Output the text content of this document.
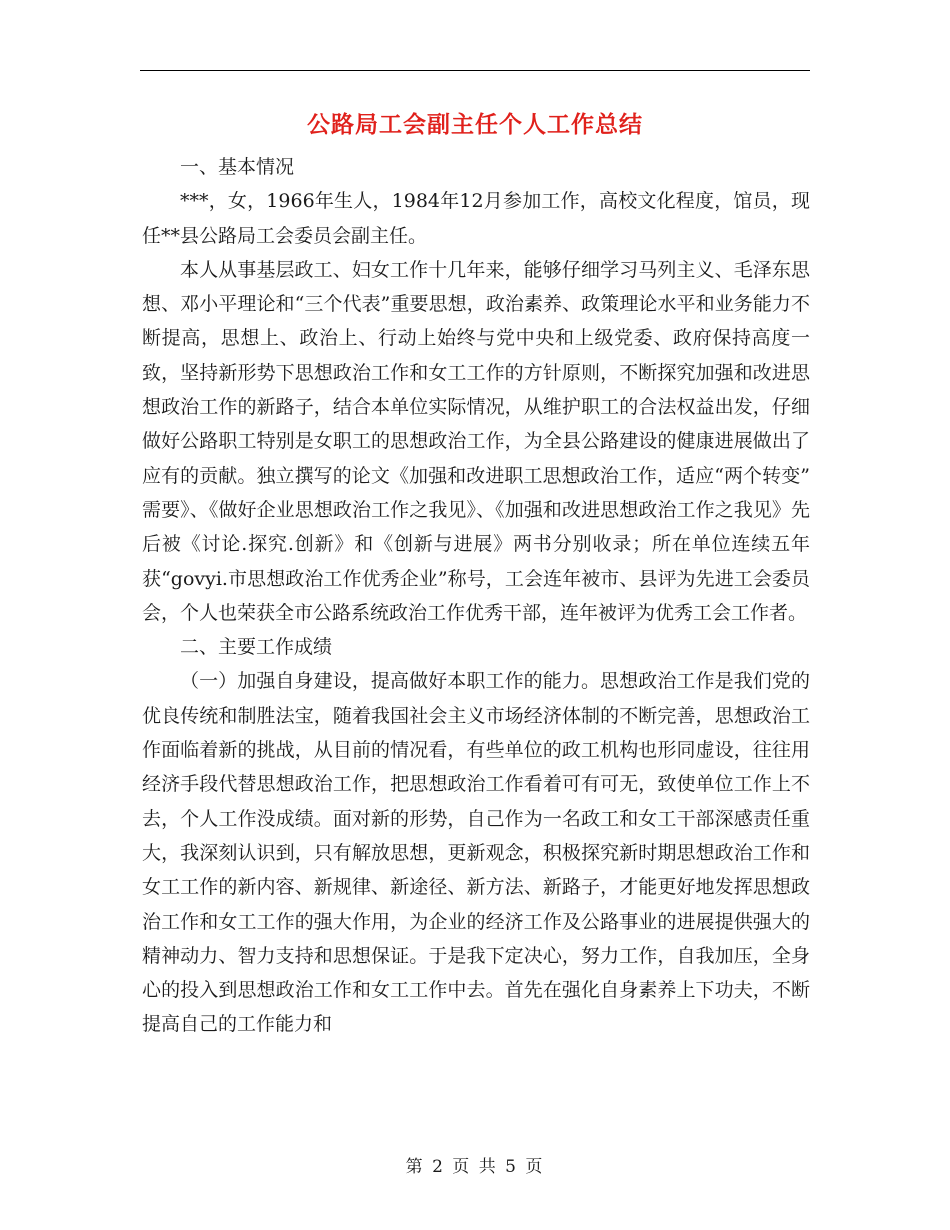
公路局工会副主任个人工作总结

一、基本情况

***，女，1966年生人，1984年12月参加工作，高校文化程度，馆员，现任**县公路局工会委员会副主任。

本人从事基层政工、妇女工作十几年来，能够仔细学习马列主义、毛泽东思想、邓小平理论和“三个代表”重要思想，政治素养、政策理论水平和业务能力不断提高，思想上、政治上、行动上始终与党中央和上级党委、政府保持高度一致，坚持新形势下思想政治工作和女工工作的方针原则，不断探究加强和改进思想政治工作的新路子，结合本单位实际情况，从维护职工的合法权益出发，仔细做好公路职工特别是女职工的思想政治工作，为全县公路建设的健康进展做出了应有的贡献。独立撰写的论文《加强和改进职工思想政治工作，适应“两个转变” 需要》、《做好企业思想政治工作之我见》、《加强和改进思想政治工作之我见》先后被《讨论.探究.创新》和《创新与进展》两书分别收录；所在单位连续五年获“govyi.市思想政治工作优秀企业”称号，工会连年被市、县评为先进工会委员会，个人也荣获全市公路系统政治工作优秀干部，连年被评为优秀工会工作者。

二、主要工作成绩

（一）加强自身建设，提高做好本职工作的能力。思想政治工作是我们党的优良传统和制胜法宝，随着我国社会主义市场经济体制的不断完善，思想政治工作面临着新的挑战，从目前的情况看，有些单位的政工机构也形同虚设，往往用经济手段代替思想政治工作，把思想政治工作看着可有可无，致使单位工作上不去，个人工作没成绩。面对新的形势，自己作为一名政工和女工干部深感责任重大，我深刻认识到，只有解放思想，更新观念，积极探究新时期思想政治工作和女工工作的新内容、新规律、新途径、新方法、新路子，才能更好地发挥思想政治工作和女工工作的强大作用，为企业的经济工作及公路事业的进展提供强大的精神动力、智力支持和思想保证。于是我下定决心，努力工作，自我加压，全身心的投入到思想政治工作和女工工作中去。首先在强化自身素养上下功夫，不断提高自己的工作能力和

第 2 页 共 5 页
